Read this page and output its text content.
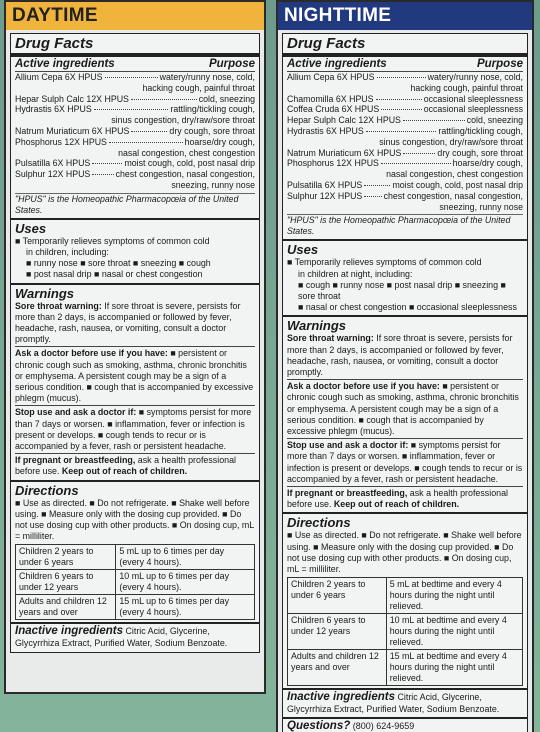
DAYTIME
Drug Facts
Active ingredients	Purpose
Allium Cepa 6X HPUS	watery/runny nose, cold,
hacking cough, painful throat
Hepar Sulph Calc 12X HPUS	cold, sneezing
Hydrastis 6X HPUS	rattling/tickling cough,
sinus congestion, dry/raw/sore throat
Natrum Muriaticum 6X HPUS	dry cough, sore throat
Phosphorus 12X HPUS	hoarse/dry cough,
nasal congestion, chest congestion
Pulsatilla 6X HPUS	moist cough, cold, post nasal drip
Sulphur 12X HPUS	chest congestion, nasal congestion,
sneezing, runny nose
"HPUS" is the Homeopathic Pharmacopœia of the United States.
Uses
■ Temporarily relieves symptoms of common cold
in children, including:
■ runny nose ■ sore throat ■ sneezing ■ cough
■ post nasal drip ■ nasal or chest congestion
Warnings
Sore throat warning: If sore throat is severe, persists for more than 2 days, is accompanied or followed by fever, headache, rash, nausea, or vomiting, consult a doctor promptly.
Ask a doctor before use if you have: ■ persistent or chronic cough such as smoking, asthma, chronic bronchitis or emphysema. A persistent cough may be a sign of a serious condition. ■ cough that is accompanied by excessive phlegm (mucus).
Stop use and ask a doctor if: ■ symptoms persist for more than 7 days or worsen. ■ inflammation, fever or infection is present or develops. ■ cough tends to recur or is accompanied by a fever, rash or persistent headache.
If pregnant or breastfeeding, ask a health professional before use. Keep out of reach of children.
Directions
■ Use as directed. ■ Do not refrigerate. ■ Shake well before using. ■ Measure only with the dosing cup provided. ■ Do not use dosing cup with other products. ■ On dosing cup, mL = milliliter.
Children 2 years to under 6 years	5 mL up to 6 times per day (every 4 hours).
Children 6 years to under 12 years	10 mL up to 6 times per day (every 4 hours).
Adults and children 12 years and over	15 mL up to 6 times per day (every 4 hours).
Inactive ingredients Citric Acid, Glycerine, Glycyrrhiza Extract, Purified Water, Sodium Benzoate.
NIGHTTIME
Drug Facts
Active ingredients	Purpose
Allium Cepa 6X HPUS	watery/runny nose, cold,
hacking cough, painful throat
Chamomilla 6X HPUS	occasional sleeplessness
Coffea Cruda 6X HPUS	occasional sleeplessness
Hepar Sulph Calc 12X HPUS	cold, sneezing
Hydrastis 6X HPUS	rattling/tickling cough,
sinus congestion, dry/raw/sore throat
Natrum Muriaticum 6X HPUS	dry cough, sore throat
Phosphorus 12X HPUS	hoarse/dry cough,
nasal congestion, chest congestion
Pulsatilla 6X HPUS	moist cough, cold, post nasal drip
Sulphur 12X HPUS chest congestion, nasal congestion,
sneezing, runny nose
"HPUS" is the Homeopathic Pharmacopœia of the United States.
Uses
■ Temporarily relieves symptoms of common cold
in children at night, including:
■ cough ■ runny nose ■ post nasal drip ■ sneezing ■ sore throat
■ nasal or chest congestion ■ occasional sleeplessness
Warnings
Sore throat warning: If sore throat is severe, persists for more than 2 days, is accompanied or followed by fever, headache, rash, nausea, or vomiting, consult a doctor promptly.
Ask a doctor before use if you have: ■ persistent or chronic cough such as smoking, asthma, chronic bronchitis or emphysema. A persistent cough may be a sign of a serious condition. ■ cough that is accompanied by excessive phlegm (mucus).
Stop use and ask a doctor if: ■ symptoms persist for more than 7 days or worsen. ■ inflammation, fever or infection is present or develops. ■ cough tends to recur or is accompanied by a fever, rash or persistent headache.
If pregnant or breastfeeding, ask a health professional before use. Keep out of reach of children.
Directions
■ Use as directed. ■ Do not refrigerate. ■ Shake well before using. ■ Measure only with the dosing cup provided. ■ Do not use dosing cup with other products. ■ On dosing cup, mL = milliliter.
Children 2 years to under 6 years	5 mL at bedtime and every 4 hours during the night until relieved.
Children 6 years to under 12 years	10 mL at bedtime and every 4 hours during the night until relieved.
Adults and children 12 years and over	15 mL at bedtime and every 4 hours during the night until relieved.
Inactive ingredients Citric Acid, Glycerine, Glycyrrhiza Extract, Purified Water, Sodium Benzoate.
Questions? (800) 624-9659
